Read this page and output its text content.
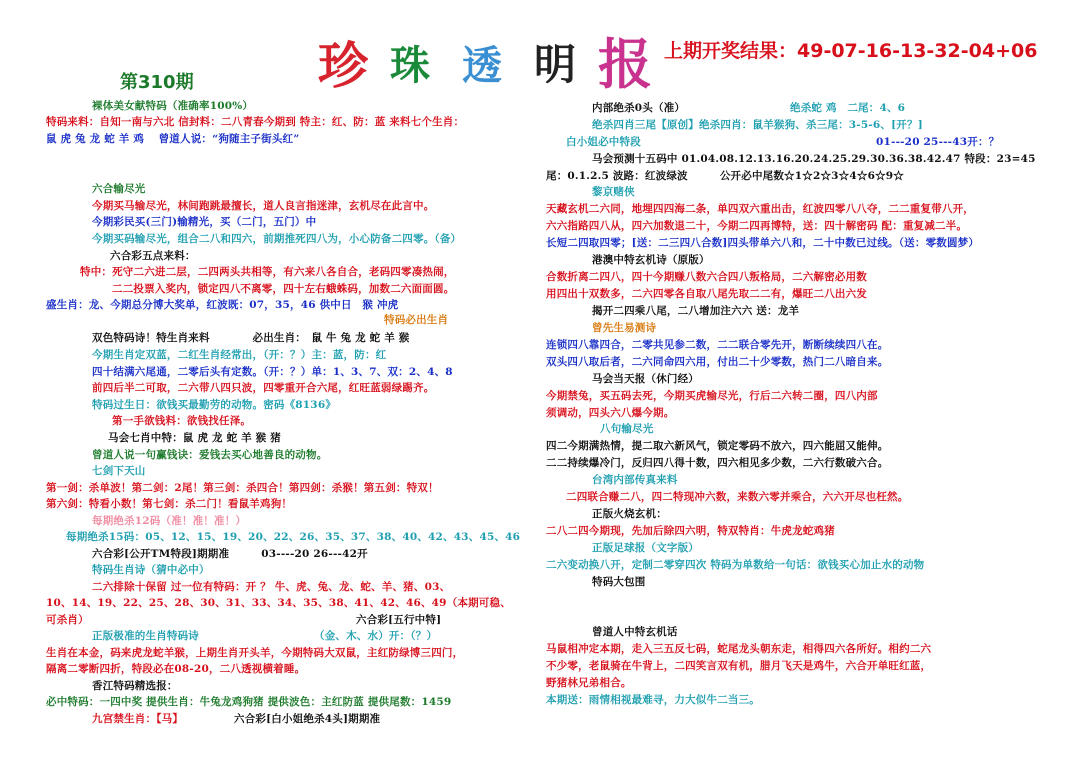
珍 珠 透 明 报 上期开奖结果：49-07-16-13-32-04+06
第310期
裸体美女献特码（准确率100%）
特码来料：自知一南与六北 信封料：二八青春今期到 特主：红、防：蓝 来料七个生肖：
鼠 虎 兔 龙 蛇 羊 鸡　 曾道人说：“狗随主子街头红”
六合输尽光
今期买马输尽光，林间跑跳最擅长，道人良言指迷津，玄机尽在此言中。
今期彩民买(三门)输精光，买（二门，五门）中
今期买码输尽光，组合二八和四六，前期推死四八为，小心防备二四零。（备）
六合彩五点来料：
特中：死守二六进二层，二四两头共相等，有六来八各自合，老码四零凑热闹，
二二投票入奖内，锁定四八不离零，四十左右蛾蛛码，加数二六面面圆。
盛生肖：龙、今期总分博大奖单，红波既：07，35，46 供中日　猴 冲虎
特码必出生肖
双色特码诗！特生肖来料　　　　必出生肖：　鼠 牛 兔 龙 蛇 羊 猴
今期生肖定双蓝，二红生肖经常出，（开：？）主：蓝，防：红
四十结满六尾通，二零后头有定数。（开：？）单：1、3、7、双：2、4、8
前四后半二可取，二六带八四只波，四零重开合六尾，红旺蓝弱绿踢齐。
特码过生日：欲钱买最勤劳的动物。密码《8136》
第一手欲钱料：欲钱找任泽。
马会七肖中特：鼠 虎 龙 蛇 羊 猴 猪
曾道人说一句赢钱诀：爱钱去买心地善良的动物。
七剑下天山
第一剑：杀单波！第二剑：2尾！第三剑：杀四合！第四剑：杀猴！第五剑：特双！
第六剑：特看小数！第七剑：杀二门！看鼠羊鸡狗！
每期绝杀12码（准！准！准！）
每期绝杀15码：05、12、15、19、20、22、26、35、37、38、40、42、43、45、46
六合彩[公开TM特段]期期准　　　03----20 26---42开
特码生肖诗（猜中必中）
二六排除十保留 过一位有特码：开 ？ 牛、虎、兔、龙、蛇、羊、猪、03、
10、14、19、22、25、28、30、31、33、34、35、38、41、42、46、49（本期可稳、
可杀肖）	六合彩[五行中特]
正版极准的生肖特码诗	（金、木、水）开：（？）
生肖在本金，码来虎龙蛇羊猴，上期生肖开头羊，今期特码大双鼠，主红防绿博三四门，
隔离二零断四折，特段必在08-20，二八透视横着睡。
香江特码精选报：
必中特码：一四中奖 提供生肖：牛兔龙鸡狗猪 提供波色：主红防蓝 提供尾数：1459
九宫禁生肖：【马】	六合彩[白小姐绝杀4头]期期准
内部绝杀0头（准）	绝杀蛇 鸡　二尾：4、6
绝杀四肖三尾【原创】绝杀四肖：鼠羊猴狗、杀三尾：3-5-6、[开？]
白小姐必中特段	01---20 25---43开：？
马会预测十五码中 01.04.08.12.13.16.20.24.25.29.30.36.38.42.47 特段：23=45
尾：0.1.2.5 波路：红波绿波　　　公开必中尾数☆1☆2☆3☆4☆6☆9☆
黎京赌侠
天藏玄机二六同，地埋四四海二条，单四双六重出击，红波四零八八夺，二二重复带八开，
六六指路四八从，四六加数退二十，今期二四再博特，送：四十解密码 配：重复减二半。
长短二四取四零；[送：二三四八合数]四头带单六八和，二十中数已过线。（送：零数圆梦）
港澳中特玄机诗（原版）
合数折离二四八，四十今期赚八数六合四八叛格局，二六解密必用数
用四出十双数多，二六四零各自取八尾先取二二有，爆旺二八出六发
揭开二四乘八尾，二八增加注六六 送：龙羊
曾先生易测诗
连锁四八靠四合，二零共见参二数，二二联合零先开，断断续续四八在。
双头四八取后者，二六同命四六用，付出二十少零数，热门二八暗自来。
马会当天报（休门经）
今期禁兔，买五码去死，今期买虎输尽光，行后二六转二圈，四八内部
须调动，四头六八爆今期。
八句输尽光
四二今期满热情，提二取六新风气，锁定零码不放六，四六能屈又能伸。
二二持续爆冷门，反归四八得十数，四六相见多少数，二六行数破六合。
台湾内部传真来料
二四联合赚二八，四二特现冲六数，来数六零并乘合，六六开尽也枉然。
正版火烧玄机：
二八二四今期现，先加后除四六明，特双特肖：牛虎龙蛇鸡猪
正版足球报（文字版）
二六变动换八开，定制二零穿四次 特码为单数给一句话：欲钱买心加止水的动物
特码大包围
曾道人中特玄机话
马鼠相冲定本期，走入三五反七码，蛇尾龙头朝东走，相得四六各所好。相约二六
不少零，老鼠骑在牛背上，二四笑言双有机，腊月飞天是鸡牛，六合开单旺红蓝，
野猪林兄弟相合。
本期送：雨情相视最难寻，力大似牛二当三。
